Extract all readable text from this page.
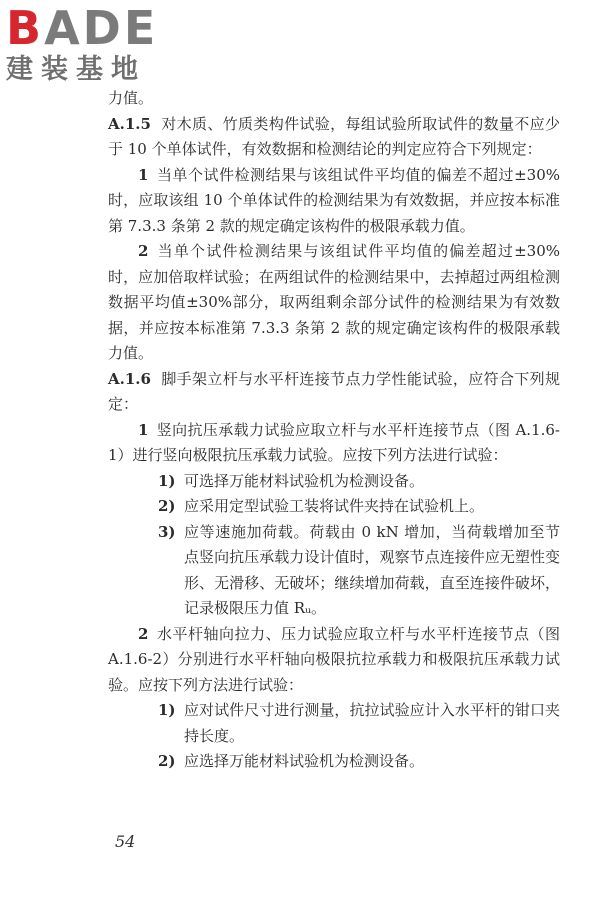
BADE
建装基地

力值。

A.1.5 对木质、竹质类构件试验，每组试验所取试件的数量不应少于 10 个单体试件，有效数据和检测结论的判定应符合下列规定：

1 当单个试件检测结果与该组试件平均值的偏差不超过±30%时，应取该组 10 个单体试件的检测结果为有效数据，并应按本标准第 7.3.3 条第 2 款的规定确定该构件的极限承载力值。

2 当单个试件检测结果与该组试件平均值的偏差超过±30%时，应加倍取样试验；在两组试件的检测结果中，去掉超过两组检测数据平均值±30%部分，取两组剩余部分试件的检测结果为有效数据，并应按本标准第 7.3.3 条第 2 款的规定确定该构件的极限承载力值。

A.1.6 脚手架立杆与水平杆连接节点力学性能试验，应符合下列规定：

1 竖向抗压承载力试验应取立杆与水平杆连接节点（图 A.1.6-1）进行竖向极限抗压承载力试验。应按下列方法进行试验：

1) 可选择万能材料试验机为检测设备。
2) 应采用定型试验工装将试件夹持在试验机上。
3) 应等速施加荷载。荷载由 0 kN 增加，当荷载增加至节点竖向抗压承载力设计值时，观察节点连接件应无塑性变形、无滑移、无破坏；继续增加荷载，直至连接件破坏，记录极限压力值 Rᵤ。

2 水平杆轴向拉力、压力试验应取立杆与水平杆连接节点（图 A.1.6-2）分别进行水平杆轴向极限抗拉承载力和极限抗压承载力试验。应按下列方法进行试验：

1) 应对试件尺寸进行测量，抗拉试验应计入水平杆的钳口夹持长度。
2) 应选择万能材料试验机为检测设备。
54
